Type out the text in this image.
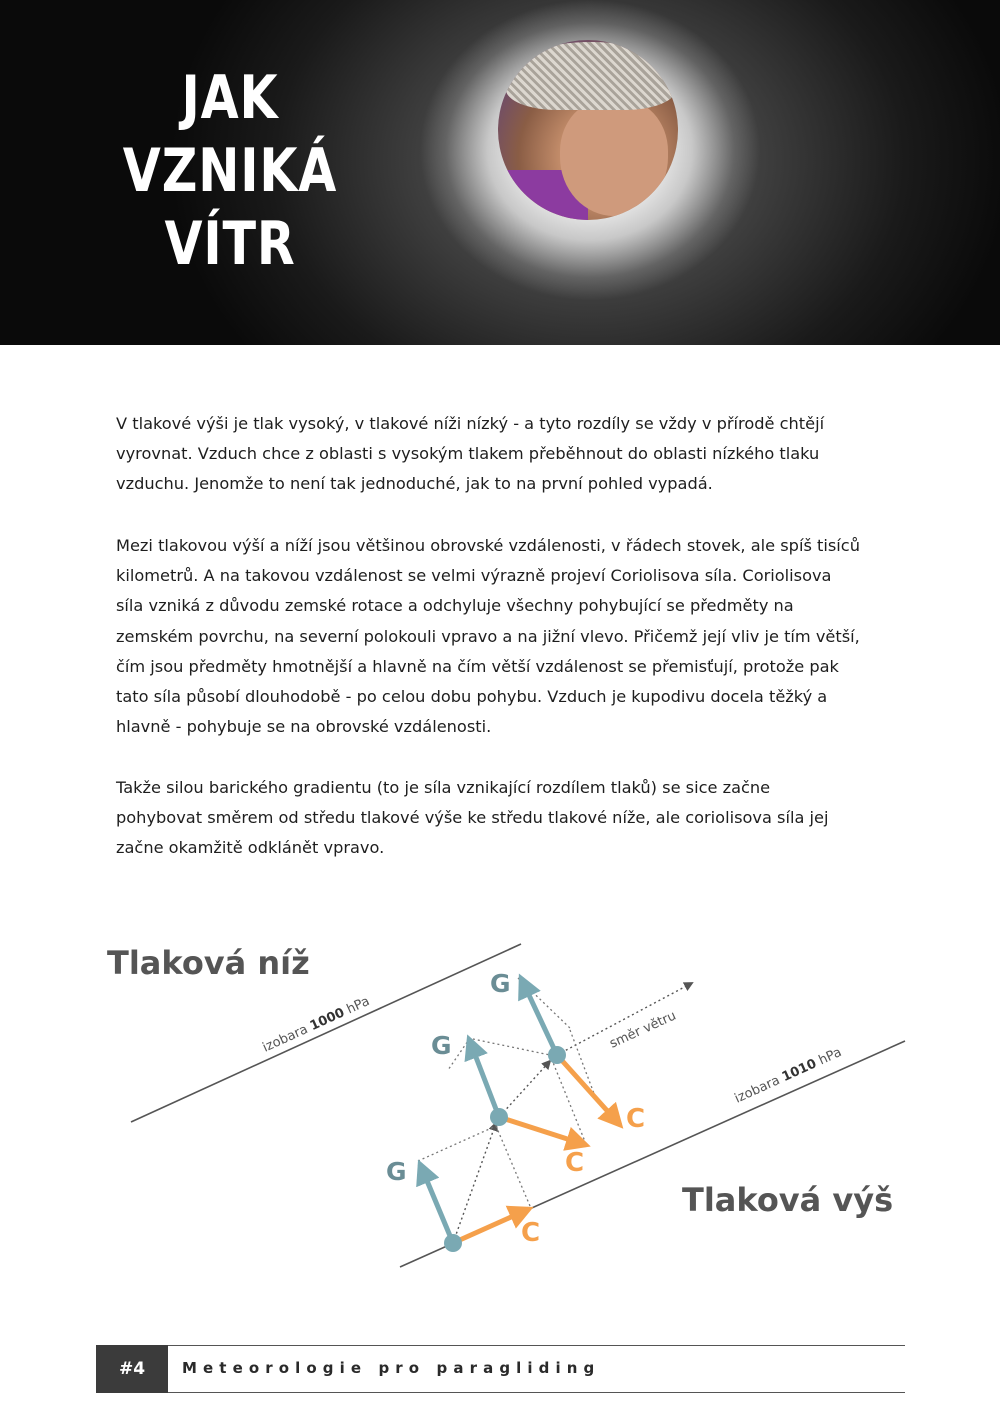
JAK
VZNIKÁ
VÍTR
V tlakové výši je tlak vysoký, v tlakové níži nízký - a tyto rozdíly se vždy v přírodě chtějí
vyrovnat. Vzduch chce z oblasti s vysokým tlakem přeběhnout do oblasti nízkého tlaku
vzduchu. Jenomže to není tak jednoduché, jak to na první pohled vypadá.
Mezi tlakovou výší a níží jsou většinou obrovské vzdálenosti, v řádech stovek, ale spíš tisíců
kilometrů. A na takovou vzdálenost se velmi výrazně projeví Coriolisova síla. Coriolisova
síla vzniká z důvodu zemské rotace a odchyluje všechny pohybující se předměty na
zemském povrchu, na severní polokouli vpravo a na jižní vlevo. Přičemž její vliv je tím větší,
čím jsou předměty hmotnější a hlavně na čím větší vzdálenost se přemisťují, protože pak
tato síla působí dlouhodobě - po celou dobu pohybu. Vzduch je kupodivu docela těžký a
hlavně - pohybuje se na obrovské vzdálenosti.
Takže silou barického gradientu (to je síla vznikající rozdílem tlaků) se sice začne
pohybovat směrem od středu tlakové výše ke středu tlakové níže, ale coriolisova síla jej
začne okamžitě odklánět vpravo.
izobara 1000 hPa
izobara 1010 hPa
směr větru
G
G
G
C
C
C
Tlaková níž
Tlaková výš
#4	Meteorologie pro paragliding
